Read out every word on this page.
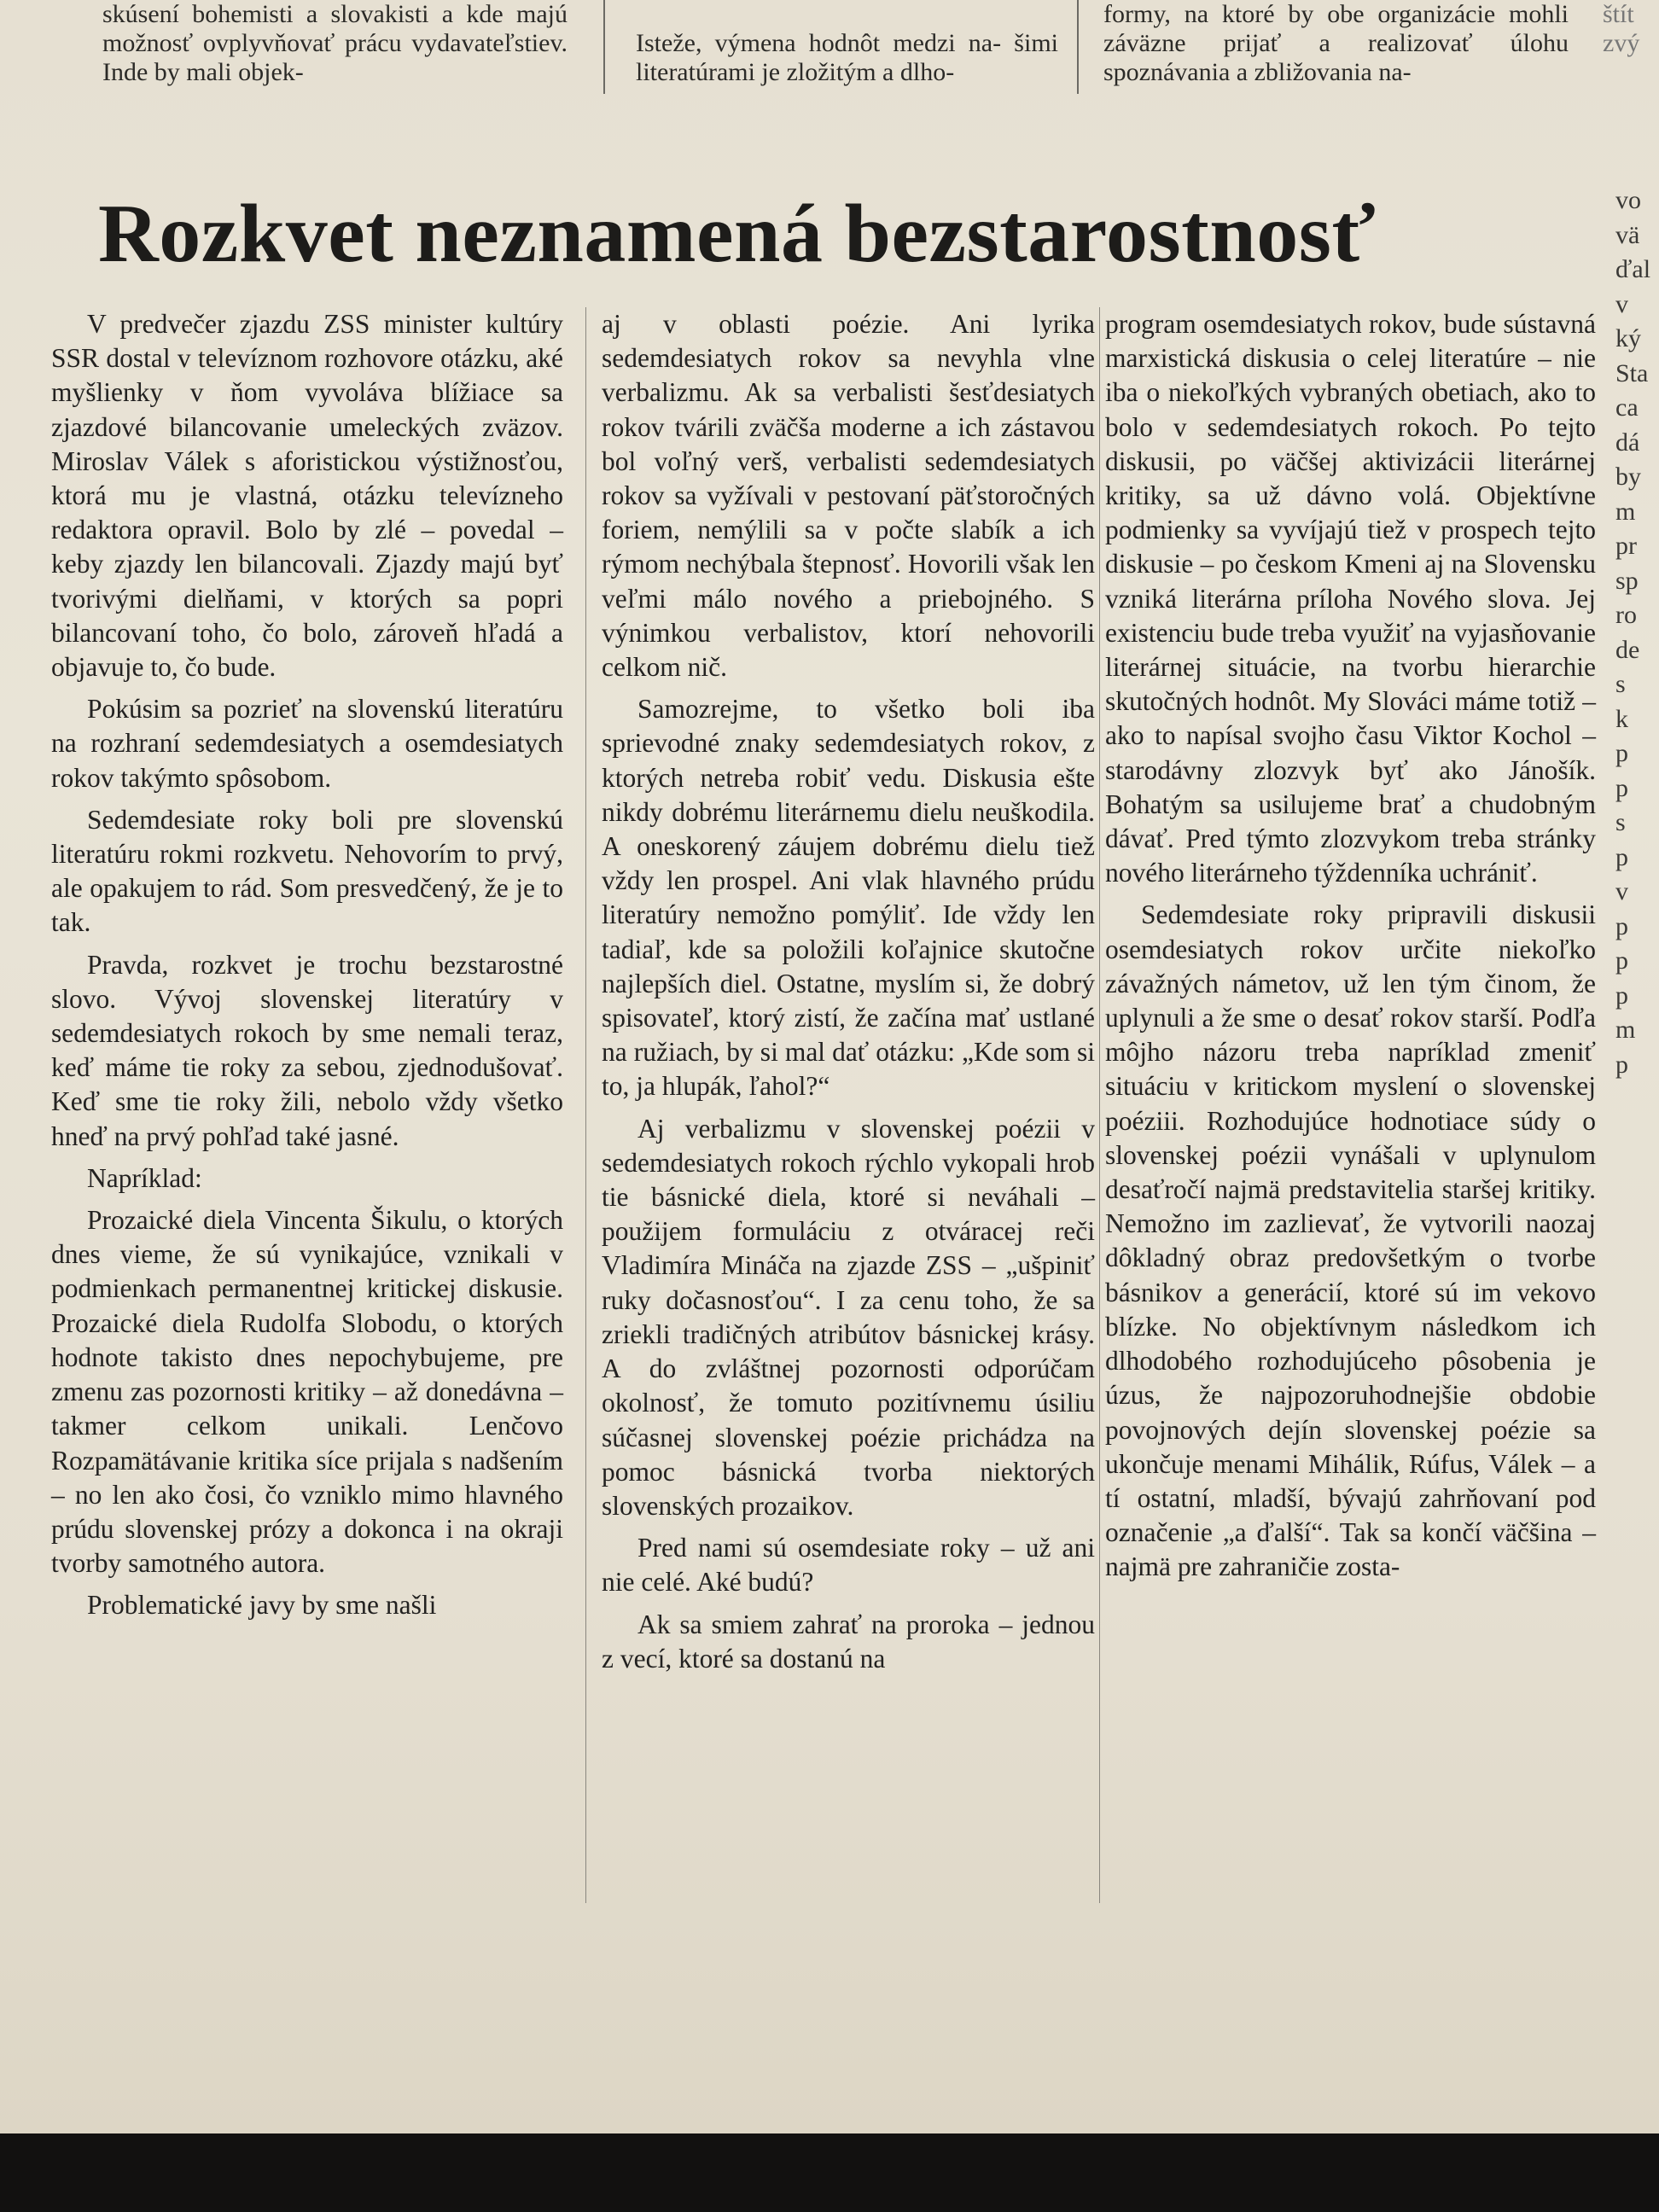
skúsení bohemisti a slovakisti a kde majú možnosť ovplyvňovať prácu vydavateľstiev. Inde by mali objek-

Isteže, výmena hodnôt medzi na- šimi literatúrami je zložitým a dlho-

formy, na ktoré by obe organizácie mohli záväzne prijať a realizovať úlohu spoznávania a zbližovania na-

štít zvý

Rozkvet neznamená bezstarostnosť

V predvečer zjazdu ZSS minister kultúry SSR dostal v televíznom rozhovore otázku, aké myšlienky v ňom vyvoláva blížiace sa zjazdové bilancovanie umeleckých zväzov. Miroslav Válek s aforistickou výstižnosťou, ktorá mu je vlastná, otázku televízneho redaktora opravil. Bolo by zlé – povedal – keby zjazdy len bilancovali. Zjazdy majú byť tvorivými dielňami, v ktorých sa popri bilancovaní toho, čo bolo, zároveň hľadá a objavuje to, čo bude.

Pokúsim sa pozrieť na slovenskú literatúru na rozhraní sedemdesiatych a osemdesiatych rokov takýmto spôsobom.

Sedemdesiate roky boli pre slovenskú literatúru rokmi rozkvetu. Nehovorím to prvý, ale opakujem to rád. Som presvedčený, že je to tak.

Pravda, rozkvet je trochu bezstarostné slovo. Vývoj slovenskej literatúry v sedemdesiatych rokoch by sme nemali teraz, keď máme tie roky za sebou, zjednodušovať. Keď sme tie roky žili, nebolo vždy všetko hneď na prvý pohľad také jasné.

Napríklad:

Prozaické diela Vincenta Šikulu, o ktorých dnes vieme, že sú vynikajúce, vznikali v podmienkach permanentnej kritickej diskusie. Prozaické diela Rudolfa Slobodu, o ktorých hodnote takisto dnes nepochybujeme, pre zmenu zas pozornosti kritiky – až donedávna – takmer celkom unikali. Lenčovo Rozpamätávanie kritika síce prijala s nadšením – no len ako čosi, čo vzniklo mimo hlavného prúdu slovenskej prózy a dokonca i na okraji tvorby samotného autora.

Problematické javy by sme našli

aj v oblasti poézie. Ani lyrika sedemdesiatych rokov sa nevyhla vlne verbalizmu. Ak sa verbalisti šesťdesiatych rokov tvárili zväčša moderne a ich zástavou bol voľný verš, verbalisti sedemdesiatych rokov sa vyžívali v pestovaní päťstoročných foriem, nemýlili sa v počte slabík a ich rýmom nechýbala štepnosť. Hovorili však len veľmi málo nového a priebojného. S výnimkou verbalistov, ktorí nehovorili celkom nič.

Samozrejme, to všetko boli iba sprievodné znaky sedemdesiatych rokov, z ktorých netreba robiť vedu. Diskusia ešte nikdy dobrému literárnemu dielu neuškodila. A oneskorený záujem dobrému dielu tiež vždy len prospel. Ani vlak hlavného prúdu literatúry nemožno pomýliť. Ide vždy len tadiaľ, kde sa položili koľajnice skutočne najlepších diel. Ostatne, myslím si, že dobrý spisovateľ, ktorý zistí, že začína mať ustlané na ružiach, by si mal dať otázku: „Kde som si to, ja hlupák, ľahol?“

Aj verbalizmu v slovenskej poézii v sedemdesiatych rokoch rýchlo vykopali hrob tie básnické diela, ktoré si neváhali – použijem formuláciu z otváracej reči Vladimíra Mináča na zjazde ZSS – „ušpiniť ruky dočasnosťou“. I za cenu toho, že sa zriekli tradičných atribútov básnickej krásy. A do zvláštnej pozornosti odporúčam okolnosť, že tomuto pozitívnemu úsiliu súčasnej slovenskej poézie prichádza na pomoc básnická tvorba niektorých slovenských prozaikov.

Pred nami sú osemdesiate roky – už ani nie celé. Aké budú?

Ak sa smiem zahrať na proroka – jednou z vecí, ktoré sa dostanú na

program osemdesiatych rokov, bude sústavná marxistická diskusia o celej literatúre – nie iba o niekoľkých vybraných obetiach, ako to bolo v sedemdesiatych rokoch. Po tejto diskusii, po väčšej aktivizácii literárnej kritiky, sa už dávno volá. Objektívne podmienky sa vyvíjajú tiež v prospech tejto diskusie – po českom Kmeni aj na Slovensku vzniká literárna príloha Nového slova. Jej existenciu bude treba využiť na vyjasňovanie literárnej situácie, na tvorbu hierarchie skutočných hodnôt. My Slováci máme totiž – ako to napísal svojho času Viktor Kochol – starodávny zlozvyk byť ako Jánošík. Bohatým sa usilujeme brať a chudobným dávať. Pred týmto zlozvykom treba stránky nového literárneho týždenníka uchrániť.

Sedemdesiate roky pripravili diskusii osemdesiatych rokov určite niekoľko závažných námetov, už len tým činom, že uplynuli a že sme o desať rokov starší. Podľa môjho názoru treba napríklad zmeniť situáciu v kritickom myslení o slovenskej poéziii. Rozhodujúce hodnotiace súdy o slovenskej poézii vynášali v uplynulom desaťročí najmä predstavitelia staršej kritiky. Nemožno im zazlievať, že vytvorili naozaj dôkladný obraz predovšetkým o tvorbe básnikov a generácií, ktoré sú im vekovo blízke. No objektívnym následkom ich dlhodobého rozhodujúceho pôsobenia je úzus, že najpozoruhodnejšie obdobie povojnových dejín slovenskej poézie sa ukončuje menami Mihálik, Rúfus, Válek – a tí ostatní, mladší, bývajú zahrňovaní pod označenie „a ďalší“. Tak sa končí väčšina – najmä pre zahraničie zosta-

vo
vä
ďal
v
ký
Sta
ca
dá
by
m
pr
sp
ro
de
s
k
p
p
s
p
v
p
p
p
m
p
